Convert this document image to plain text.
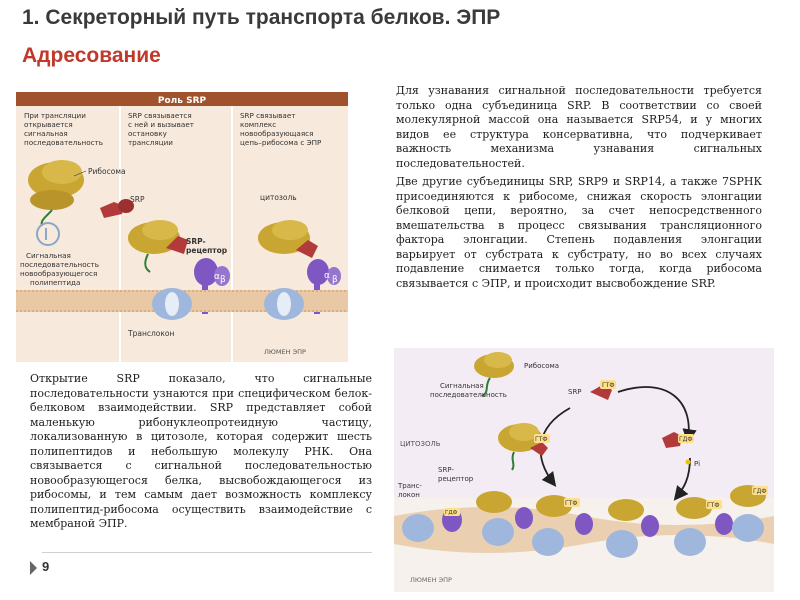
1. Секреторный путь транспорта белков. ЭПР
Адресование
Роль SRP
При трансляции открывается сигнальная последовательность
SRP связывается с ней и вызывает остановку трансляции
SRP связывает комплекс новообразующаяся цепь–рибосома с ЭПР
Рибосома
Сигнальная последовательность новообразующегося полипептида
SRP
SRP- рецептор
α β
цитозоль
α β
Транслокон
ЛЮМЕН ЭПР

Для узнавания сигнальной последовательности требуется только одна субъединица SRP. В соответствии со своей молекулярной массой она называется SRP54, и у многих видов ее структура консервативна, что подчеркивает важность механизма узнавания сигнальных последовательностей.

Две другие субъединицы SRP, SRP9 и SRP14, а также 7SРНК присоединяются к рибосоме, снижая скорость элонгации белковой цепи, вероятно, за счет непосредственного вмешательства в процесс связывания трансляционного фактора элонгации. Степень подавления элонгации варьирует от субстрата к субстрату, но во всех случаях подавление снимается только тогда, когда рибосома связывается с ЭПР, и происходит высвобождение SRP.

Открытие SRP показало, что сигнальные последовательности узнаются при специфическом белок-белковом взаимодействии. SRP представляет собой маленькую рибонуклеопротеидную частицу, локализованную в цитозоле, которая содержит шесть полипептидов и небольшую молекулу РНК. Она связывается с сигнальной последовательностью новообразующегося белка, высвобождающегося из рибосомы, и тем самым дает возможность комплексу полипептид-рибосома осуществить взаимодействие с мембраной ЭПР.
Рибосома
Сигнальная последовательность	SRP
ГТФ
ГДФ
Pi
ЦИТОЗОЛЬ
ГТФ
SRP- рецептор
Транс- локон
ГДФ
ГТФ	ГТФ
ГДФ
ЛЮМЕН ЭПР
9
